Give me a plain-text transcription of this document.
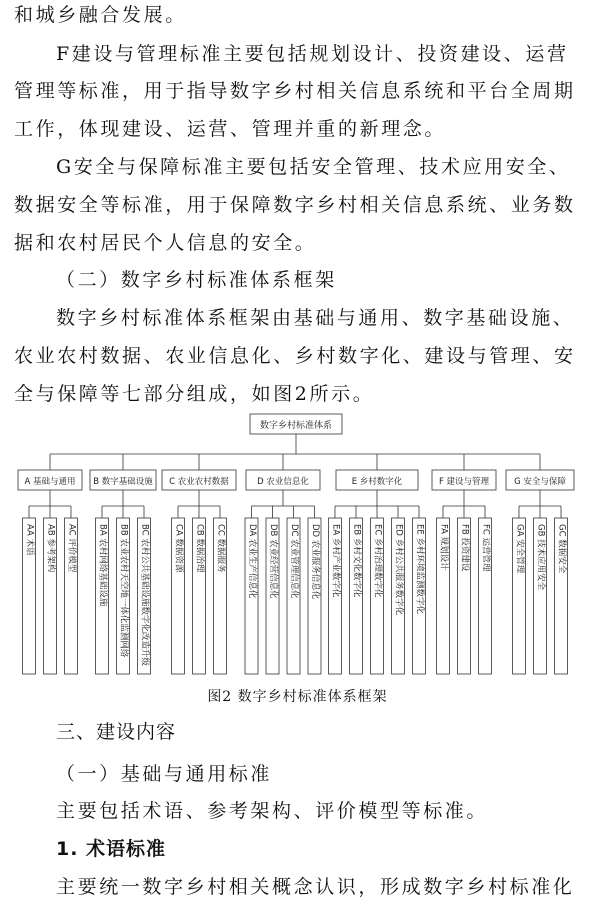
和城乡融合发展。
F建设与管理标准主要包括规划设计、投资建设、运营
管理等标准，用于指导数字乡村相关信息系统和平台全周期
工作，体现建设、运营、管理并重的新理念。
G安全与保障标准主要包括安全管理、技术应用安全、
数据安全等标准，用于保障数字乡村相关信息系统、业务数
据和农村居民个人信息的安全。
（二）数字乡村标准体系框架
数字乡村标准体系框架由基础与通用、数字基础设施、
农业农村数据、农业信息化、乡村数字化、建设与管理、安
全与保障等七部分组成，如图2所示。
数字乡村标准体系
A 基础与通用
AA 术语 AB 参考架构 AC 评价模型
B 数字基础设施
BA 农村网络基础设施 BB 农业农村天空地一体化监测网络 BC 农村公共基础设施数字化改造升级
C 农业农村数据
CA 数据资源 CB 数据治理 CC 数据服务
D 农业信息化
DA 农业生产信息化 DB 农业经营信息化 DC 农业管理信息化 DD 农业服务信息化
E 乡村数字化
EA 乡村产业数字化 EB 乡村文化数字化 EC 乡村治理数字化 ED 乡村公共服务数字化 EE 乡村环境监测数字化
F 建设与管理
FA 规划设计 FB 投资建设 FC 运营管理
G 安全与保障
GA 安全管理 GB 技术应用安全 GC 数据安全
图2 数字乡村标准体系框架
三、建设内容
（一）基础与通用标准
主要包括术语、参考架构、评价模型等标准。
1. 术语标准
主要统一数字乡村相关概念认识，形成数字乡村标准化
